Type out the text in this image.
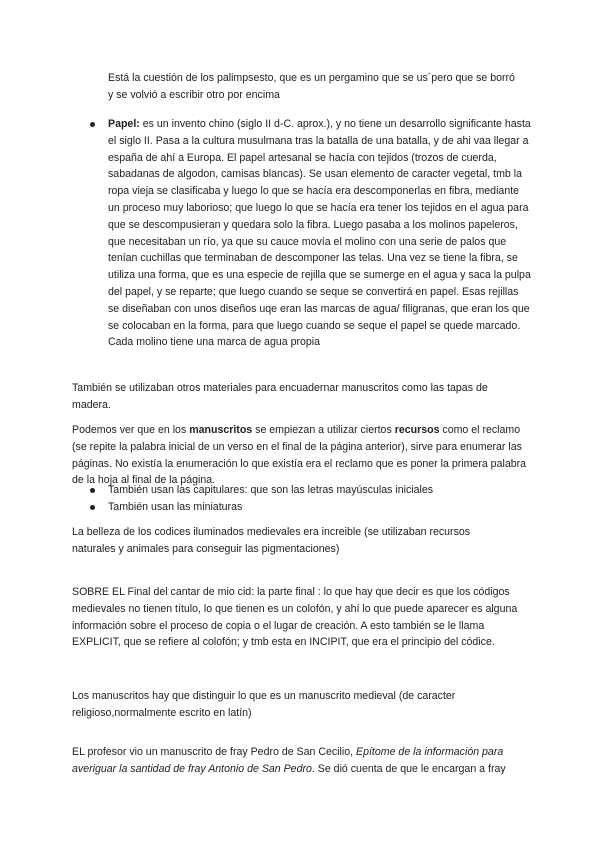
Está la cuestión de los palimpsesto, que es un pergamino que se us´pero que se borró y se volvió a escribir otro por encima

Papel: es un invento chino (siglo II d-C. aprox.), y no tiene un desarrollo significante hasta el siglo II. Pasa a la cultura musulmana tras la batalla de una batalla, y de ahi vaa llegar a españa de ahí a Europa. El papel artesanal se hacía con tejidos (trozos de cuerda, sabadanas de algodon, camisas blancas). Se usan elemento de caracter vegetal, tmb la ropa vieja se clasificaba y luego lo que se hacía era descomponerlas en fibra, mediante un proceso muy laborioso; que luego lo que se hacía era tener los tejidos en el agua para que se descompusieran y quedara solo la fibra. Luego pasaba a los molinos papeleros, que necesitaban un río, ya que su cauce movía el molino con una serie de palos que tenían cuchillas que terminaban de descomponer las telas. Una vez se tiene la fibra, se utiliza una forma, que es una especie de rejilla que se sumerge en el agua y saca la pulpa del papel, y se reparte; que luego cuando se seque se convertirá en papel. Esas rejillas se diseñaban con unos diseños uqe eran las marcas de agua/ filigranas, que eran los que se colocaban en la forma, para que luego cuando se seque el papel se quede marcado. Cada molino tiene una marca de agua propia

También se utilizaban otros materiales para encuadernar manuscritos como las tapas de madera.

Podemos ver que en los manuscritos se empiezan a utilizar ciertos recursos como el reclamo (se repite la palabra inicial de un verso en el final de la página anterior), sirve para enumerar las páginas. No existía la enumeración lo que existía era el reclamo que es poner la primera palabra de la hoja al final de la página.

También usan las capitulares: que son las letras mayúsculas iniciales
También usan las miniaturas

La belleza de los codices iluminados medievales era increible (se utilizaban recursos naturales y animales para conseguir las pigmentaciones)

SOBRE EL Final del cantar de mio cid: la parte final : lo que hay que decir es que los códigos medievales no tienen título, lo que tienen es un colofón, y ahí lo que puede aparecer es alguna información sobre el proceso de copia o el lugar de creación. A esto también se le llama EXPLICIT, que se refiere al colofón; y tmb esta en INCIPIT, que era el principio del códice.

Los manuscritos hay que distinguir lo que es un manuscrito medieval (de caracter religioso,normalmente escrito en latín)

EL profesor vio un manuscrito de fray Pedro de San Cecilio, Epítome de la información para averiguar la santidad de fray Antonio de San Pedro. Se dió cuenta de que le encargan a fray
